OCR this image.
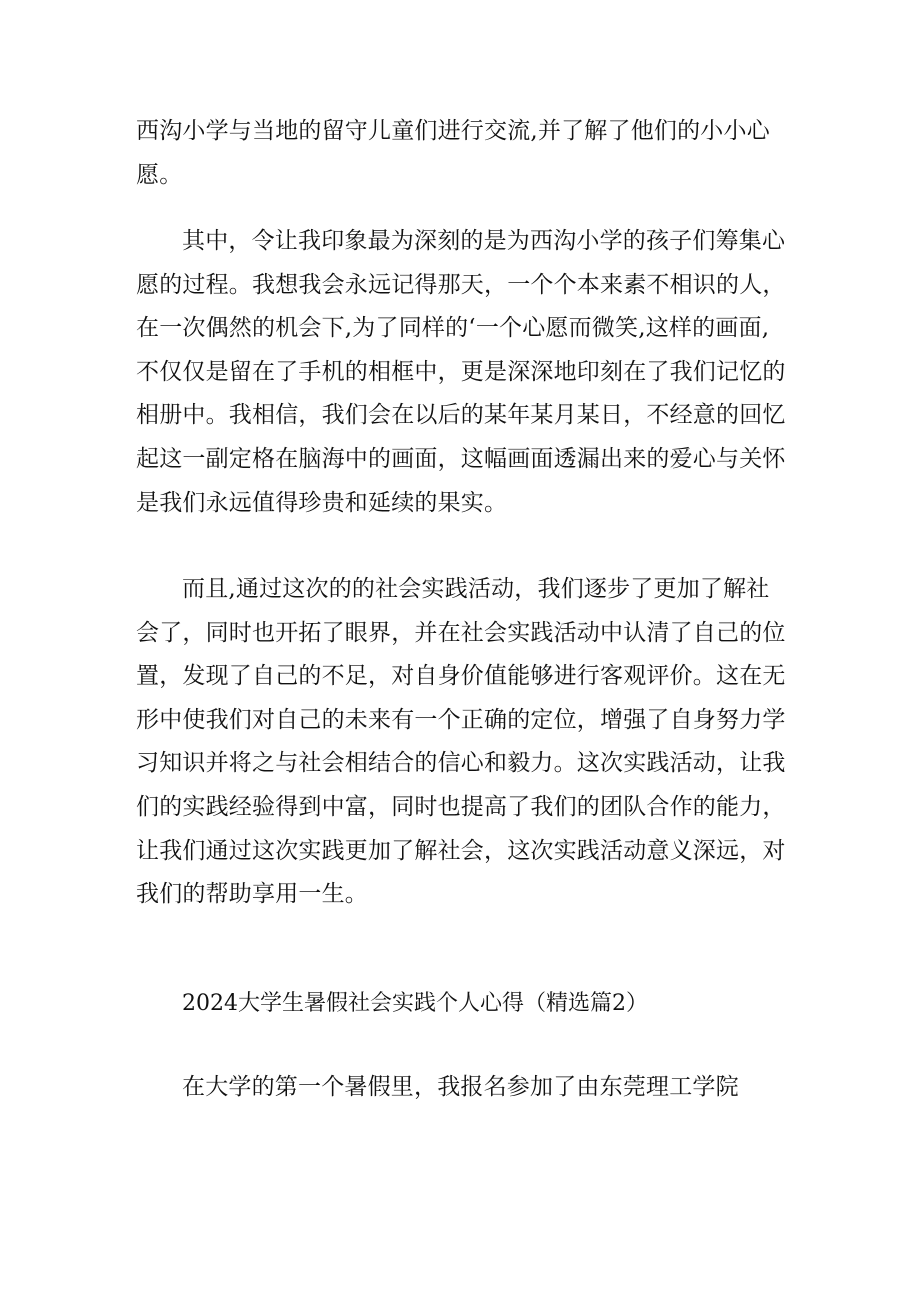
西沟小学与当地的留守儿童们进行交流,并了解了他们的小小心
愿。

其中，令让我印象最为深刻的是为西沟小学的孩子们筹集心
愿的过程。我想我会永远记得那天，一个个本来素不相识的人，
在一次偶然的机会下,为了同样的‘一个心愿而微笑,这样的画面,
不仅仅是留在了手机的相框中，更是深深地印刻在了我们记忆的
相册中。我相信，我们会在以后的某年某月某日，不经意的回忆
起这一副定格在脑海中的画面，这幅画面透漏出来的爱心与关怀
是我们永远值得珍贵和延续的果实。

而且,通过这次的的社会实践活动，我们逐步了更加了解社
会了，同时也开拓了眼界，并在社会实践活动中认清了自己的位
置，发现了自己的不足，对自身价值能够进行客观评价。这在无
形中使我们对自己的未来有一个正确的定位，增强了自身努力学
习知识并将之与社会相结合的信心和毅力。这次实践活动，让我
们的实践经验得到中富，同时也提高了我们的团队合作的能力，
让我们通过这次实践更加了解社会，这次实践活动意义深远，对
我们的帮助享用一生。

2024大学生暑假社会实践个人心得（精选篇2）

在大学的第一个暑假里，我报名参加了由东莞理工学院
